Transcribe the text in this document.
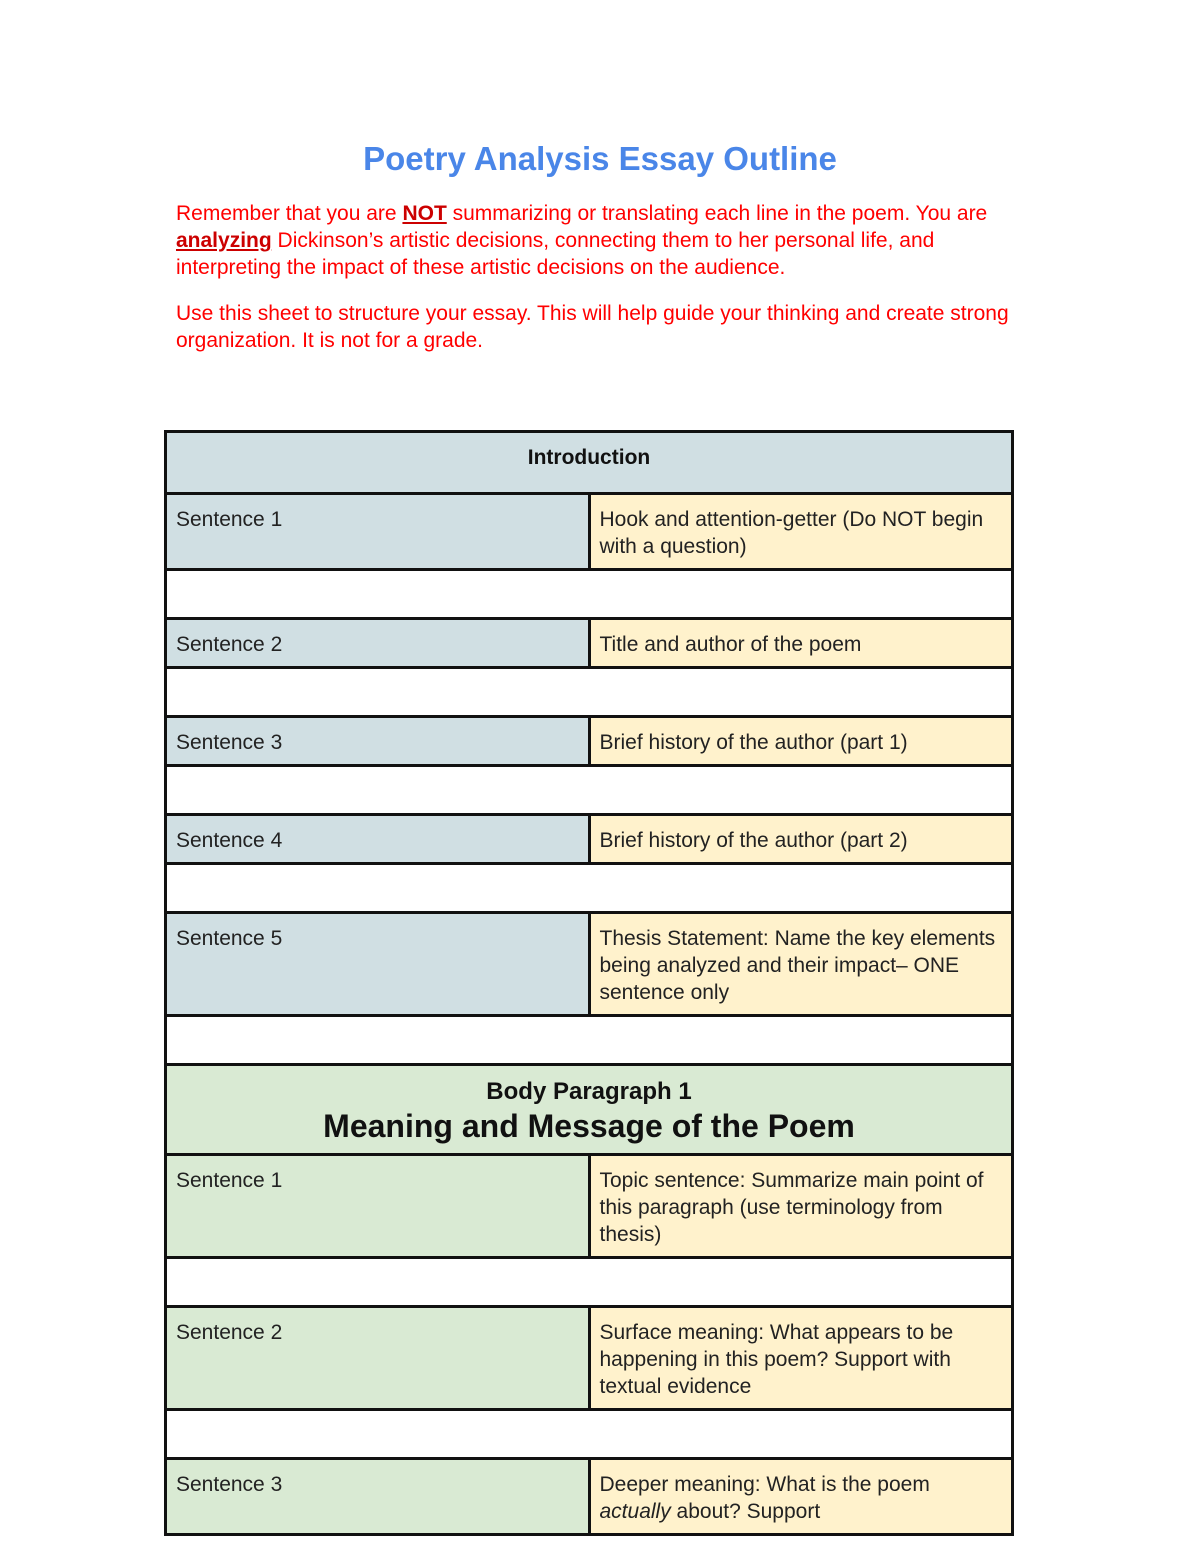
Poetry Analysis Essay Outline

Remember that you are NOT summarizing or translating each line in the poem. You are analyzing Dickinson’s artistic decisions, connecting them to her personal life, and interpreting the impact of these artistic decisions on the audience.

Use this sheet to structure your essay. This will help guide your thinking and create strong organization. It is not for a grade.

Introduction	
Sentence 1	Hook and attention-getter (Do NOT begin with a question)

Sentence 2	Title and author of the poem

Sentence 3	Brief history of the author (part 1)

Sentence 4	Brief history of the author (part 2)

Sentence 5	Thesis Statement: Name the key elements being analyzed and their impact– ONE sentence only

Body Paragraph 1
Meaning and Message of the Poem	

Sentence 1	Topic sentence: Summarize main point of this paragraph (use terminology from thesis)

Sentence 2	Surface meaning: What appears to be happening in this poem? Support with textual evidence

Sentence 3	Deeper meaning: What is the poem actually about? Support
